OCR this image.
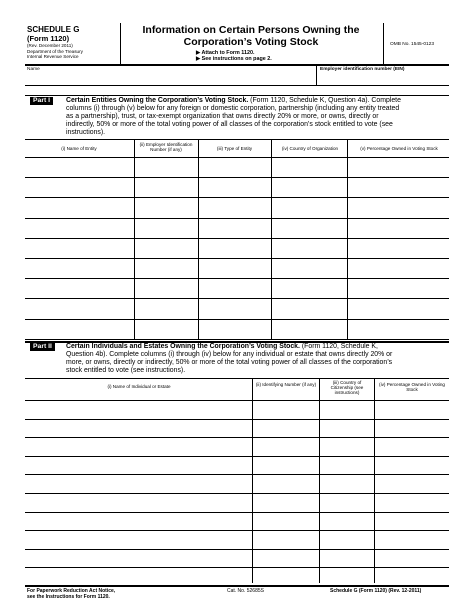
SCHEDULE G
(Form 1120)
(Rev. December 2011)
Department of the Treasury
Internal Revenue Service
Information on Certain Persons Owning the
Corporation’s Voting Stock
▶ Attach to Form 1120.
▶ See instructions on page 2.
OMB No. 1545-0123
Name	Employer identification number (EIN)
Part I	Certain Entities Owning the Corporation’s Voting Stock. (Form 1120, Schedule K, Question 4a). Complete
columns (i) through (v) below for any foreign or domestic corporation, partnership (including any entity treated
as a partnership), trust, or tax-exempt organization that owns directly 20% or more, or owns, directly or
indirectly, 50% or more of the total voting power of all classes of the corporation’s stock entitled to vote (see
instructions).
(i) Name of Entity
(ii) Employer Identification Number (if any)	(iii) Type of Entity	(iv) Country of Organization	(v) Percentage Owned in Voting Stock
Part II	Certain Individuals and Estates Owning the Corporation’s Voting Stock. (Form 1120, Schedule K,
Question 4b). Complete columns (i) through (iv) below for any individual or estate that owns directly 20% or
more, or owns, directly or indirectly, 50% or more of the total voting power of all classes of the corporation’s
stock entitled to vote (see instructions).
(i) Name of Individual or Estate	(ii) Identifying Number (if any)	(iii) Country of Citizenship (see instructions)
(iv) Percentage Owned in Voting Stock
For Paperwork Reduction Act Notice,
see the Instructions for Form 1120.
Cat. No. 52685S	Schedule G (Form 1120) (Rev. 12-2011)
